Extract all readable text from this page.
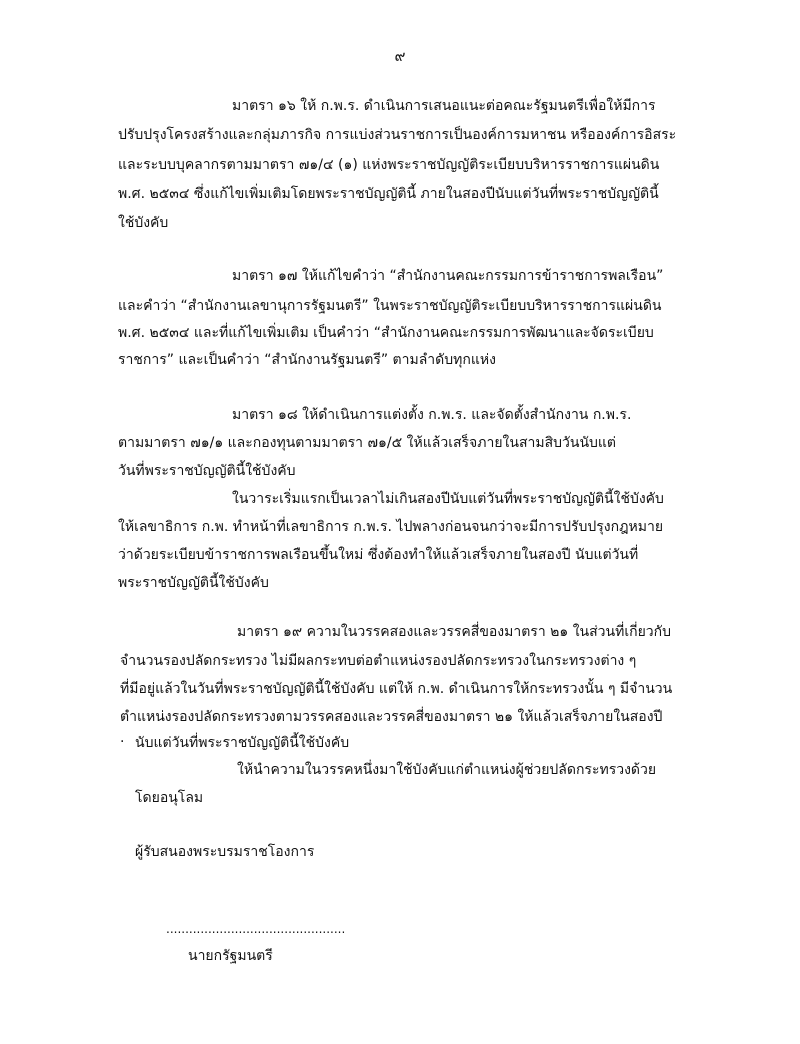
๙
มาตรา ๑๖ ให้ ก.พ.ร. ดำเนินการเสนอแนะต่อคณะรัฐมนตรีเพื่อให้มีการ
ปรับปรุงโครงสร้างและกลุ่มภารกิจ การแบ่งส่วนราชการเป็นองค์การมหาชน หรือองค์การอิสระ
และระบบบุคลากรตามมาตรา ๗๑/๔ (๑) แห่งพระราชบัญญัติระเบียบบริหารราชการแผ่นดิน
พ.ศ. ๒๕๓๔ ซึ่งแก้ไขเพิ่มเติมโดยพระราชบัญญัตินี้ ภายในสองปีนับแต่วันที่พระราชบัญญัตินี้
ใช้บังคับ
มาตรา ๑๗ ให้แก้ไขคำว่า “สำนักงานคณะกรรมการข้าราชการพลเรือน”
และคำว่า “สำนักงานเลขานุการรัฐมนตรี” ในพระราชบัญญัติระเบียบบริหารราชการแผ่นดิน
พ.ศ. ๒๕๓๔ และที่แก้ไขเพิ่มเติม เป็นคำว่า “สำนักงานคณะกรรมการพัฒนาและจัดระเบียบ
ราชการ” และเป็นคำว่า “สำนักงานรัฐมนตรี” ตามลำดับทุกแห่ง
มาตรา ๑๘ ให้ดำเนินการแต่งตั้ง ก.พ.ร. และจัดตั้งสำนักงาน ก.พ.ร.
ตามมาตรา ๗๑/๑ และกองทุนตามมาตรา ๗๑/๕ ให้แล้วเสร็จภายในสามสิบวันนับแต่
วันที่พระราชบัญญัตินี้ใช้บังคับ
ในวาระเริ่มแรกเป็นเวลาไม่เกินสองปีนับแต่วันที่พระราชบัญญัตินี้ใช้บังคับ
ให้เลขาธิการ ก.พ. ทำหน้าที่เลขาธิการ ก.พ.ร. ไปพลางก่อนจนกว่าจะมีการปรับปรุงกฎหมาย
ว่าด้วยระเบียบข้าราชการพลเรือนขึ้นใหม่ ซึ่งต้องทำให้แล้วเสร็จภายในสองปี นับแต่วันที่
พระราชบัญญัตินี้ใช้บังคับ
มาตรา ๑๙ ความในวรรคสองและวรรคสี่ของมาตรา ๒๑ ในส่วนที่เกี่ยวกับ
จำนวนรองปลัดกระทรวง ไม่มีผลกระทบต่อตำแหน่งรองปลัดกระทรวงในกระทรวงต่าง ๆ
ที่มีอยู่แล้วในวันที่พระราชบัญญัตินี้ใช้บังคับ แต่ให้ ก.พ. ดำเนินการให้กระทรวงนั้น ๆ มีจำนวน
ตำแหน่งรองปลัดกระทรวงตามวรรคสองและวรรคสี่ของมาตรา ๒๑ ให้แล้วเสร็จภายในสองปี
· นับแต่วันที่พระราชบัญญัตินี้ใช้บังคับ
ให้นำความในวรรคหนึ่งมาใช้บังคับแก่ตำแหน่งผู้ช่วยปลัดกระทรวงด้วย
โดยอนุโลม
ผู้รับสนองพระบรมราชโองการ
...............................................
นายกรัฐมนตรี
